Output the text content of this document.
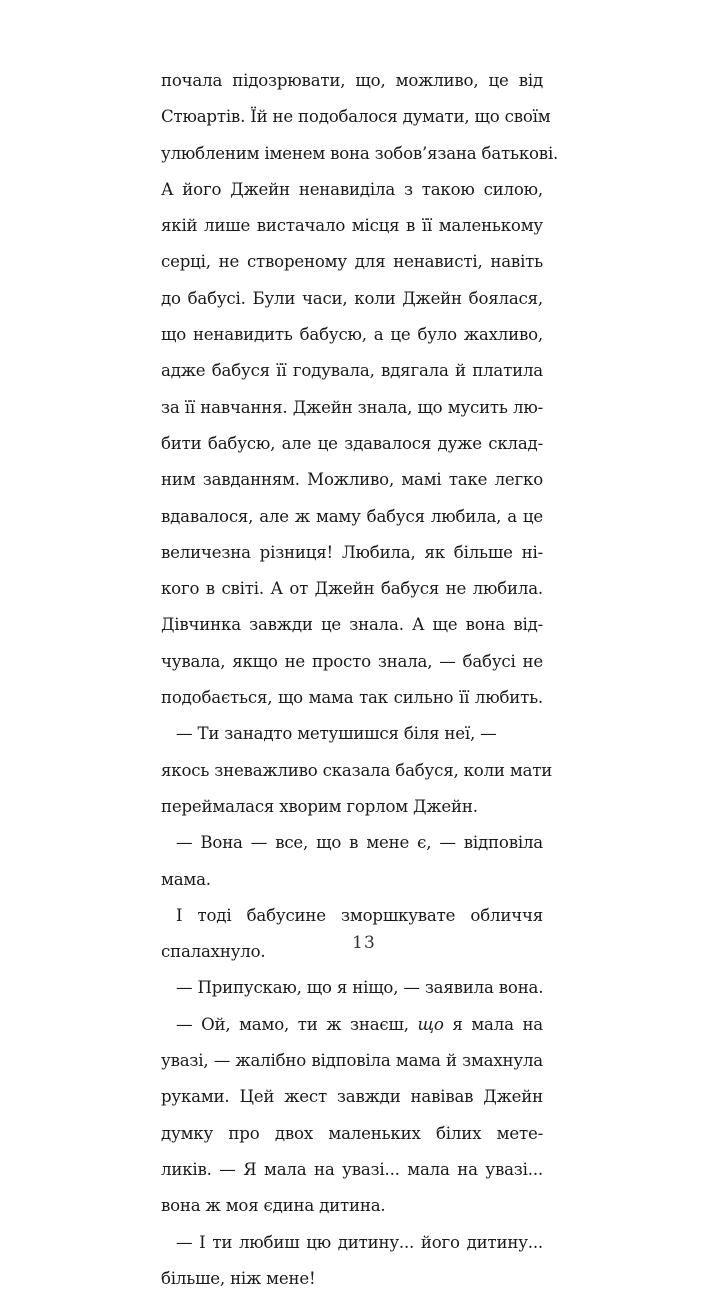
почала підозрювати, що, можливо, це від
Стюартів. Їй не подобалося думати, що своїм
улюбленим іменем вона зобов’язана батькові.
А його Джейн ненавиділа з такою силою,
якій лише вистачало місця в її маленькому
серці, не створеному для ненависті, навіть
до бабусі. Були часи, коли Джейн боялася,
що ненавидить бабусю, а це було жахливо,
адже бабуся її годувала, вдягала й платила
за її навчання. Джейн знала, що мусить лю-
бити бабусю, але це здавалося дуже склад-
ним завданням. Можливо, мамі таке легко
вдавалося, але ж маму бабуся любила, а це
величезна різниця! Любила, як більше ні-
кого в світі. А от Джейн бабуся не любила.
Дівчинка завжди це знала. А ще вона від-
чувала, якщо не просто знала, — бабусі не
подобається, що мама так сильно її любить.
— Ти занадто метушишся біля неї, —
якось зневажливо сказала бабуся, коли мати
переймалася хворим горлом Джейн.
— Вона — все, що в мене є, — відповіла
мама.
І тоді бабусине зморшкувате обличчя
спалахнуло.
— Припускаю, що я ніщо, — заявила вона.
— Ой, мамо, ти ж знаєш, що я мала на
увазі, — жалібно відповіла мама й змахнула
руками. Цей жест завжди навівав Джейн
думку про двох маленьких білих мете-
ликів. — Я мала на увазі... мала на увазі...
вона ж моя єдина дитина.
— І ти любиш цю дитину... його дитину...
більше, ніж мене!
13
